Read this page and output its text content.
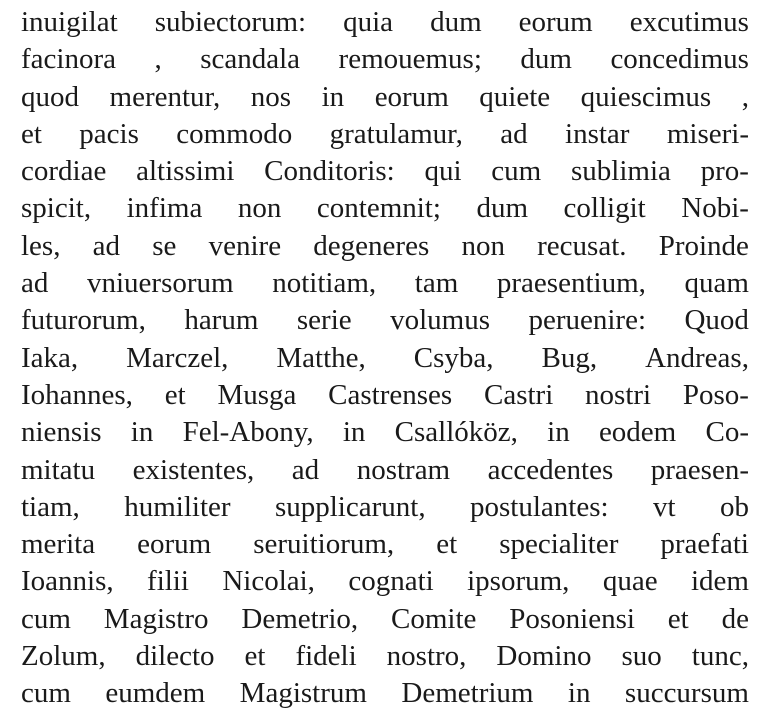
inuigilat subiectorum: quia dum eorum excutimus
facinora , scandala remouemus; dum concedimus
quod merentur, nos in eorum quiete quiescimus ,
et pacis commodo gratulamur, ad instar miseri-
cordiae altissimi Conditoris: qui cum sublimia pro-
spicit, infima non contemnit; dum colligit Nobi-
les, ad se venire degeneres non recusat. Proinde
ad vniuersorum notitiam, tam praesentium, quam
futurorum, harum serie volumus peruenire: Quod
Iaka, Marczel, Matthe, Csyba, Bug, Andreas,
Iohannes, et Musga Castrenses Castri nostri Poso-
niensis in Fel-Abony, in Csallóköz, in eodem Co-
mitatu existentes, ad nostram accedentes praesen-
tiam, humiliter supplicarunt, postulantes: vt ob
merita eorum seruitiorum, et specialiter praefati
Ioannis, filii Nicolai, cognati ipsorum, quae idem
cum Magistro Demetrio, Comite Posoniensi et de
Zolum, dilecto et fideli nostro, Domino suo tunc,
cum eumdem Magistrum Demetrium in succursum
